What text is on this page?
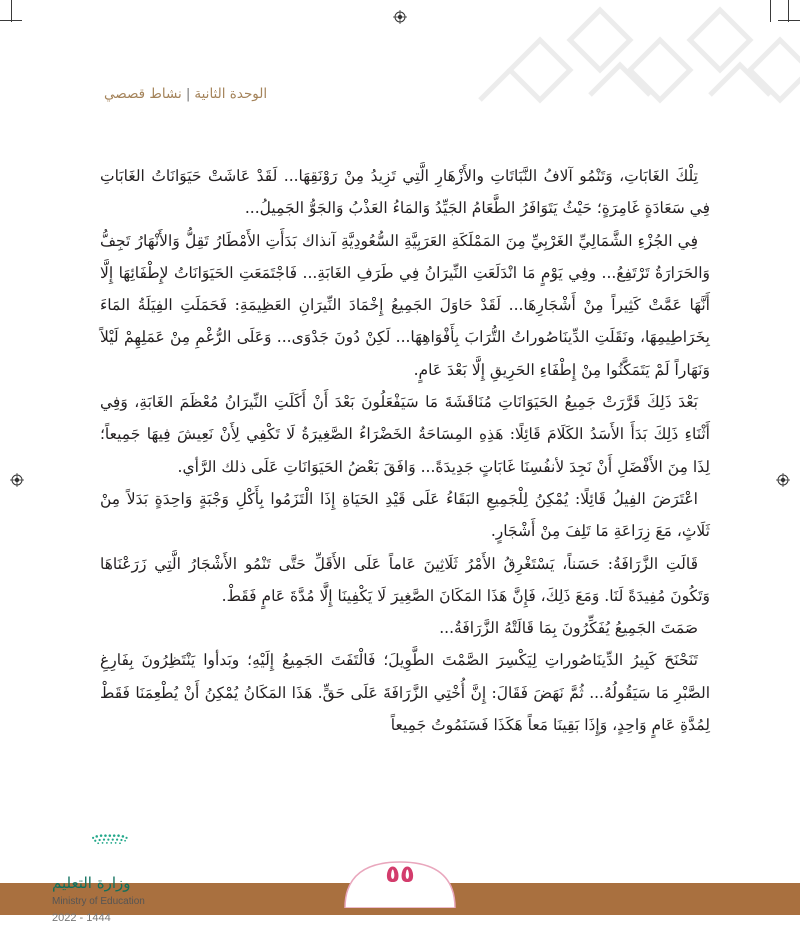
الوحدة الثانية|نشاط قصصي

تِلْكَ الغَابَاتِ، وَتَنْمُو آلافُ النَّبَاتَاتِ والأَزْهَارِ الَّتِي تَزِيدُ مِنْ رَوْنَقِهَا... لَقَدْ عَاشَتْ حَيَوَانَاتُ الغَابَاتِ فِي سَعَادَةٍ غَامِرَةٍ؛ حَيْثُ يَتَوَافَرُ الطَّعَامُ الجَيِّدُ وَالمَاءُ العَذْبُ وَالجَوُّ الجَمِيلُ...

فِي الجُزْءِ الشَّمَالِيِّ الغَرْبِيِّ مِنَ المَمْلَكَةِ العَرَبِيَّةِ السُّعُودِيَّةِ آنذاك بَدَأَتِ الأَمْطَارُ تَقِلُّ وَالأَنْهَارُ تَجِفُّ وَالحَرَارَةُ تَرْتَفِعُ... وفِي يَوْمٍ مَا انْدَلَعَتِ النِّيرَانُ فِي طَرَفِ الغَابَةِ... فَاجْتَمَعَتِ الحَيَوَانَاتُ لإِطْفَائِهَا إِلَّا أَنَّهَا عَمَّتْ كَثِيراً مِنْ أَشْجَارِهَا... لَقَدْ حَاوَلَ الجَمِيعُ إِخْمَادَ النِّيرَانِ العَظِيمَةِ: فَحَمَلَتِ الفِيَلَةُ المَاءَ بِخَرَاطِيمِهَا، ونَقَلَتِ الدِّينَاصُوراتُ التُّرَابَ بِأَفْوَاهِهَا... لَكِنْ دُونَ جَدْوَى... وَعَلَى الرُّغْمِ مِنْ عَمَلِهِمْ لَيْلاً وَنَهَاراً لَمْ يَتَمَكَّنُوا مِنْ إِطْفَاءِ الحَرِيقِ إِلَّا بَعْدَ عَامٍ.

بَعْدَ ذَلِكَ قَرَّرَتْ جَمِيعُ الحَيَوَانَاتِ مُنَاقَشَةَ مَا سَيَفْعَلُونَ بَعْدَ أَنْ أَكَلَتِ النِّيرَانُ مُعْظَمَ الغَابَةِ، وَفِي أَثْنَاءِ ذَلِكَ بَدَأَ الأَسَدُ الكَلَامَ قَائِلًا: هَذِهِ المِسَاحَةُ الخَضْرَاءُ الصَّغِيرَةُ لَا تَكْفِي لِأَنْ نَعِيشَ فِيهَا جَمِيعاً؛ لِذَا مِنَ الأَفْضَلِ أَنْ نَجِدَ لأنفُسِنَا غَابَاتٍ جَدِيدَةً... وَافَقَ بَعْضُ الحَيَوَانَاتِ عَلَى ذلك الرَّأي.

اعْتَرَضَ الفِيلُ قَائِلًا: يُمْكِنُ لِلْجَمِيعِ البَقَاءُ عَلَى قَيْدِ الحَيَاةِ إِذَا الْتَزَمُوا بِأَكْلِ وَجْبَةٍ وَاحِدَةٍ بَدَلاً مِنْ ثَلَاثٍ، مَعَ زِرَاعَةِ مَا تَلِفَ مِنْ أَشْجَارٍ.

قَالَتِ الزَّرَافَةُ: حَسَناً، يَسْتَغْرِقُ الأَمْرُ ثَلَاثِينَ عَاماً عَلَى الأَقَلِّ حَتَّى تَنْمُو الأَشْجَارُ الَّتِي زَرَعْنَاهَا وَتَكُونَ مُفِيدَةً لَنَا. وَمَعَ ذَلِكَ، فَإِنَّ هَذَا المَكَانَ الصَّغِيرَ لَا يَكْفِينَا إِلَّا مُدَّةَ عَامٍ فَقَطْ.

صَمَتَ الجَمِيعُ يُفَكِّرُونَ بِمَا قَالَتْهُ الزَّرَافَةُ...

تَنَحْنَحَ كَبِيرُ الدِّينَاصُوراتِ لِيَكْسِرَ الصَّمْتَ الطَّوِيلَ؛ فَالْتَفَتَ الجَمِيعُ إِلَيْهِ؛ وبَدأوا يَنْتَظِرُونَ بِفَارِغِ الصَّبْرِ مَا سَيَقُولُهُ... ثُمَّ نَهَضَ فَقَالَ: إِنَّ أُخْتِي الزَّرَافَةَ عَلَى حَقٍّ. هَذَا المَكَانُ يُمْكِنُ أَنْ يُطْعِمَنَا فَقَطْ لِمُدَّةِ عَامٍ وَاحِدٍ، وَإِذَا بَقِينَا مَعاً هَكَذَا فَسَنَمُوتُ جَمِيعاً

٥٥
وزارة التعليم
Ministry of Education
2022 - 1444
